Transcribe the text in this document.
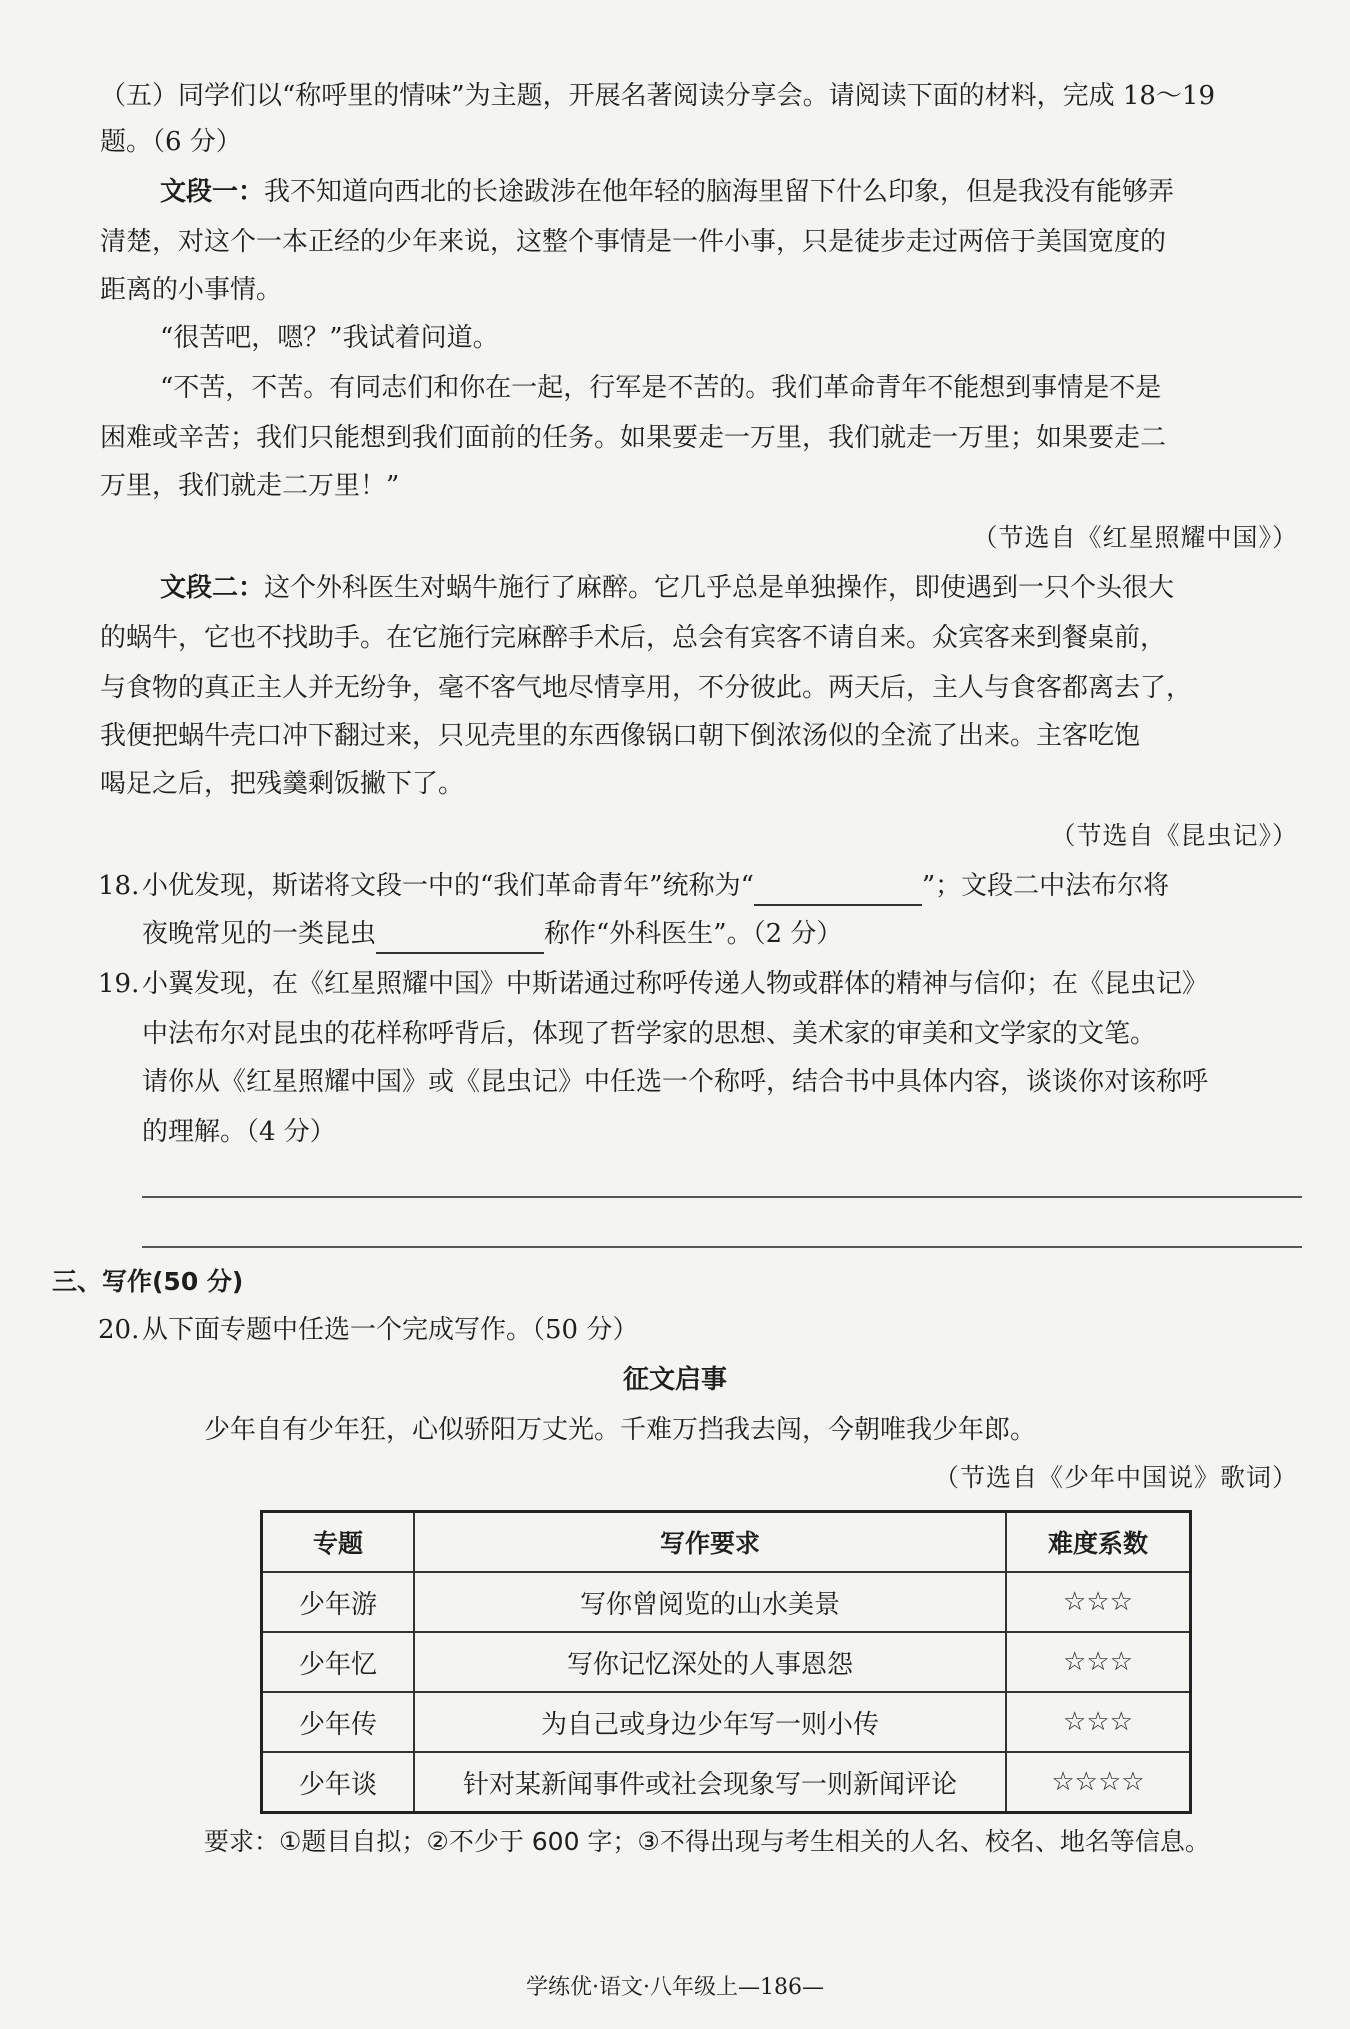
（五）同学们以“称呼里的情味”为主题，开展名著阅读分享会。请阅读下面的材料，完成 18～19
题。（6 分）
文段一：我不知道向西北的长途跋涉在他年轻的脑海里留下什么印象，但是我没有能够弄
清楚，对这个一本正经的少年来说，这整个事情是一件小事，只是徒步走过两倍于美国宽度的
距离的小事情。
“很苦吧，嗯？”我试着问道。
“不苦，不苦。有同志们和你在一起，行军是不苦的。我们革命青年不能想到事情是不是
困难或辛苦；我们只能想到我们面前的任务。如果要走一万里，我们就走一万里；如果要走二
万里，我们就走二万里！”
（节选自《红星照耀中国》）
文段二：这个外科医生对蜗牛施行了麻醉。它几乎总是单独操作，即使遇到一只个头很大
的蜗牛，它也不找助手。在它施行完麻醉手术后，总会有宾客不请自来。众宾客来到餐桌前，
与食物的真正主人并无纷争，毫不客气地尽情享用，不分彼此。两天后，主人与食客都离去了，
我便把蜗牛壳口冲下翻过来，只见壳里的东西像锅口朝下倒浓汤似的全流了出来。主客吃饱
喝足之后，把残羹剩饭撇下了。
（节选自《昆虫记》）
18. 小优发现，斯诺将文段一中的“我们革命青年”统称为“	”；文段二中法布尔将
夜晚常见的一类昆虫	称作“外科医生”。（2 分）
19. 小翼发现，在《红星照耀中国》中斯诺通过称呼传递人物或群体的精神与信仰；在《昆虫记》
中法布尔对昆虫的花样称呼背后，体现了哲学家的思想、美术家的审美和文学家的文笔。
请你从《红星照耀中国》或《昆虫记》中任选一个称呼，结合书中具体内容，谈谈你对该称呼
的理解。（4 分）
三、写作(50 分)
20. 从下面专题中任选一个完成写作。（50 分）
征文启事
少年自有少年狂，心似骄阳万丈光。千难万挡我去闯，今朝唯我少年郎。
（节选自《少年中国说》歌词）
专题	写作要求	难度系数
少年游	写你曾阅览的山水美景	☆☆☆
少年忆	写你记忆深处的人事恩怨	☆☆☆
少年传	为自己或身边少年写一则小传	☆☆☆
少年谈	针对某新闻事件或社会现象写一则新闻评论	☆☆☆☆
要求：①题目自拟；②不少于 600 字；③不得出现与考生相关的人名、校名、地名等信息。
学练优·语文·八年级上—186—
